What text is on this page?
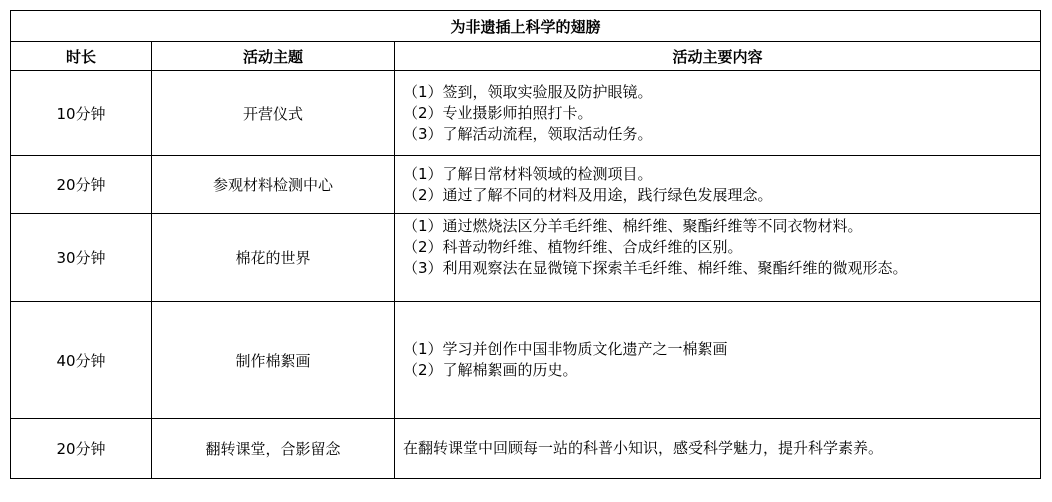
为非遗插上科学的翅膀		
时长	活动主题	活动主要内容
10分钟	开营仪式	（1）签到，领取实验服及防护眼镜。
（2）专业摄影师拍照打卡。
（3）了解活动流程，领取活动任务。

20分钟	参观材料检测中心	（1）了解日常材料领域的检测项目。
（2）通过了解不同的材料及用途，践行绿色发展理念。

30分钟	棉花的世界	（1）通过燃烧法区分羊毛纤维、棉纤维、聚酯纤维等不同衣物材料。
（2）科普动物纤维、植物纤维、合成纤维的区别。
（3）利用观察法在显微镜下探索羊毛纤维、棉纤维、聚酯纤维的微观形态。

40分钟	制作棉絮画	（1）学习并创作中国非物质文化遗产之一棉絮画
（2）了解棉絮画的历史。

20分钟	翻转课堂，合影留念	在翻转课堂中回顾每一站的科普小知识，感受科学魅力，提升科学素养。
